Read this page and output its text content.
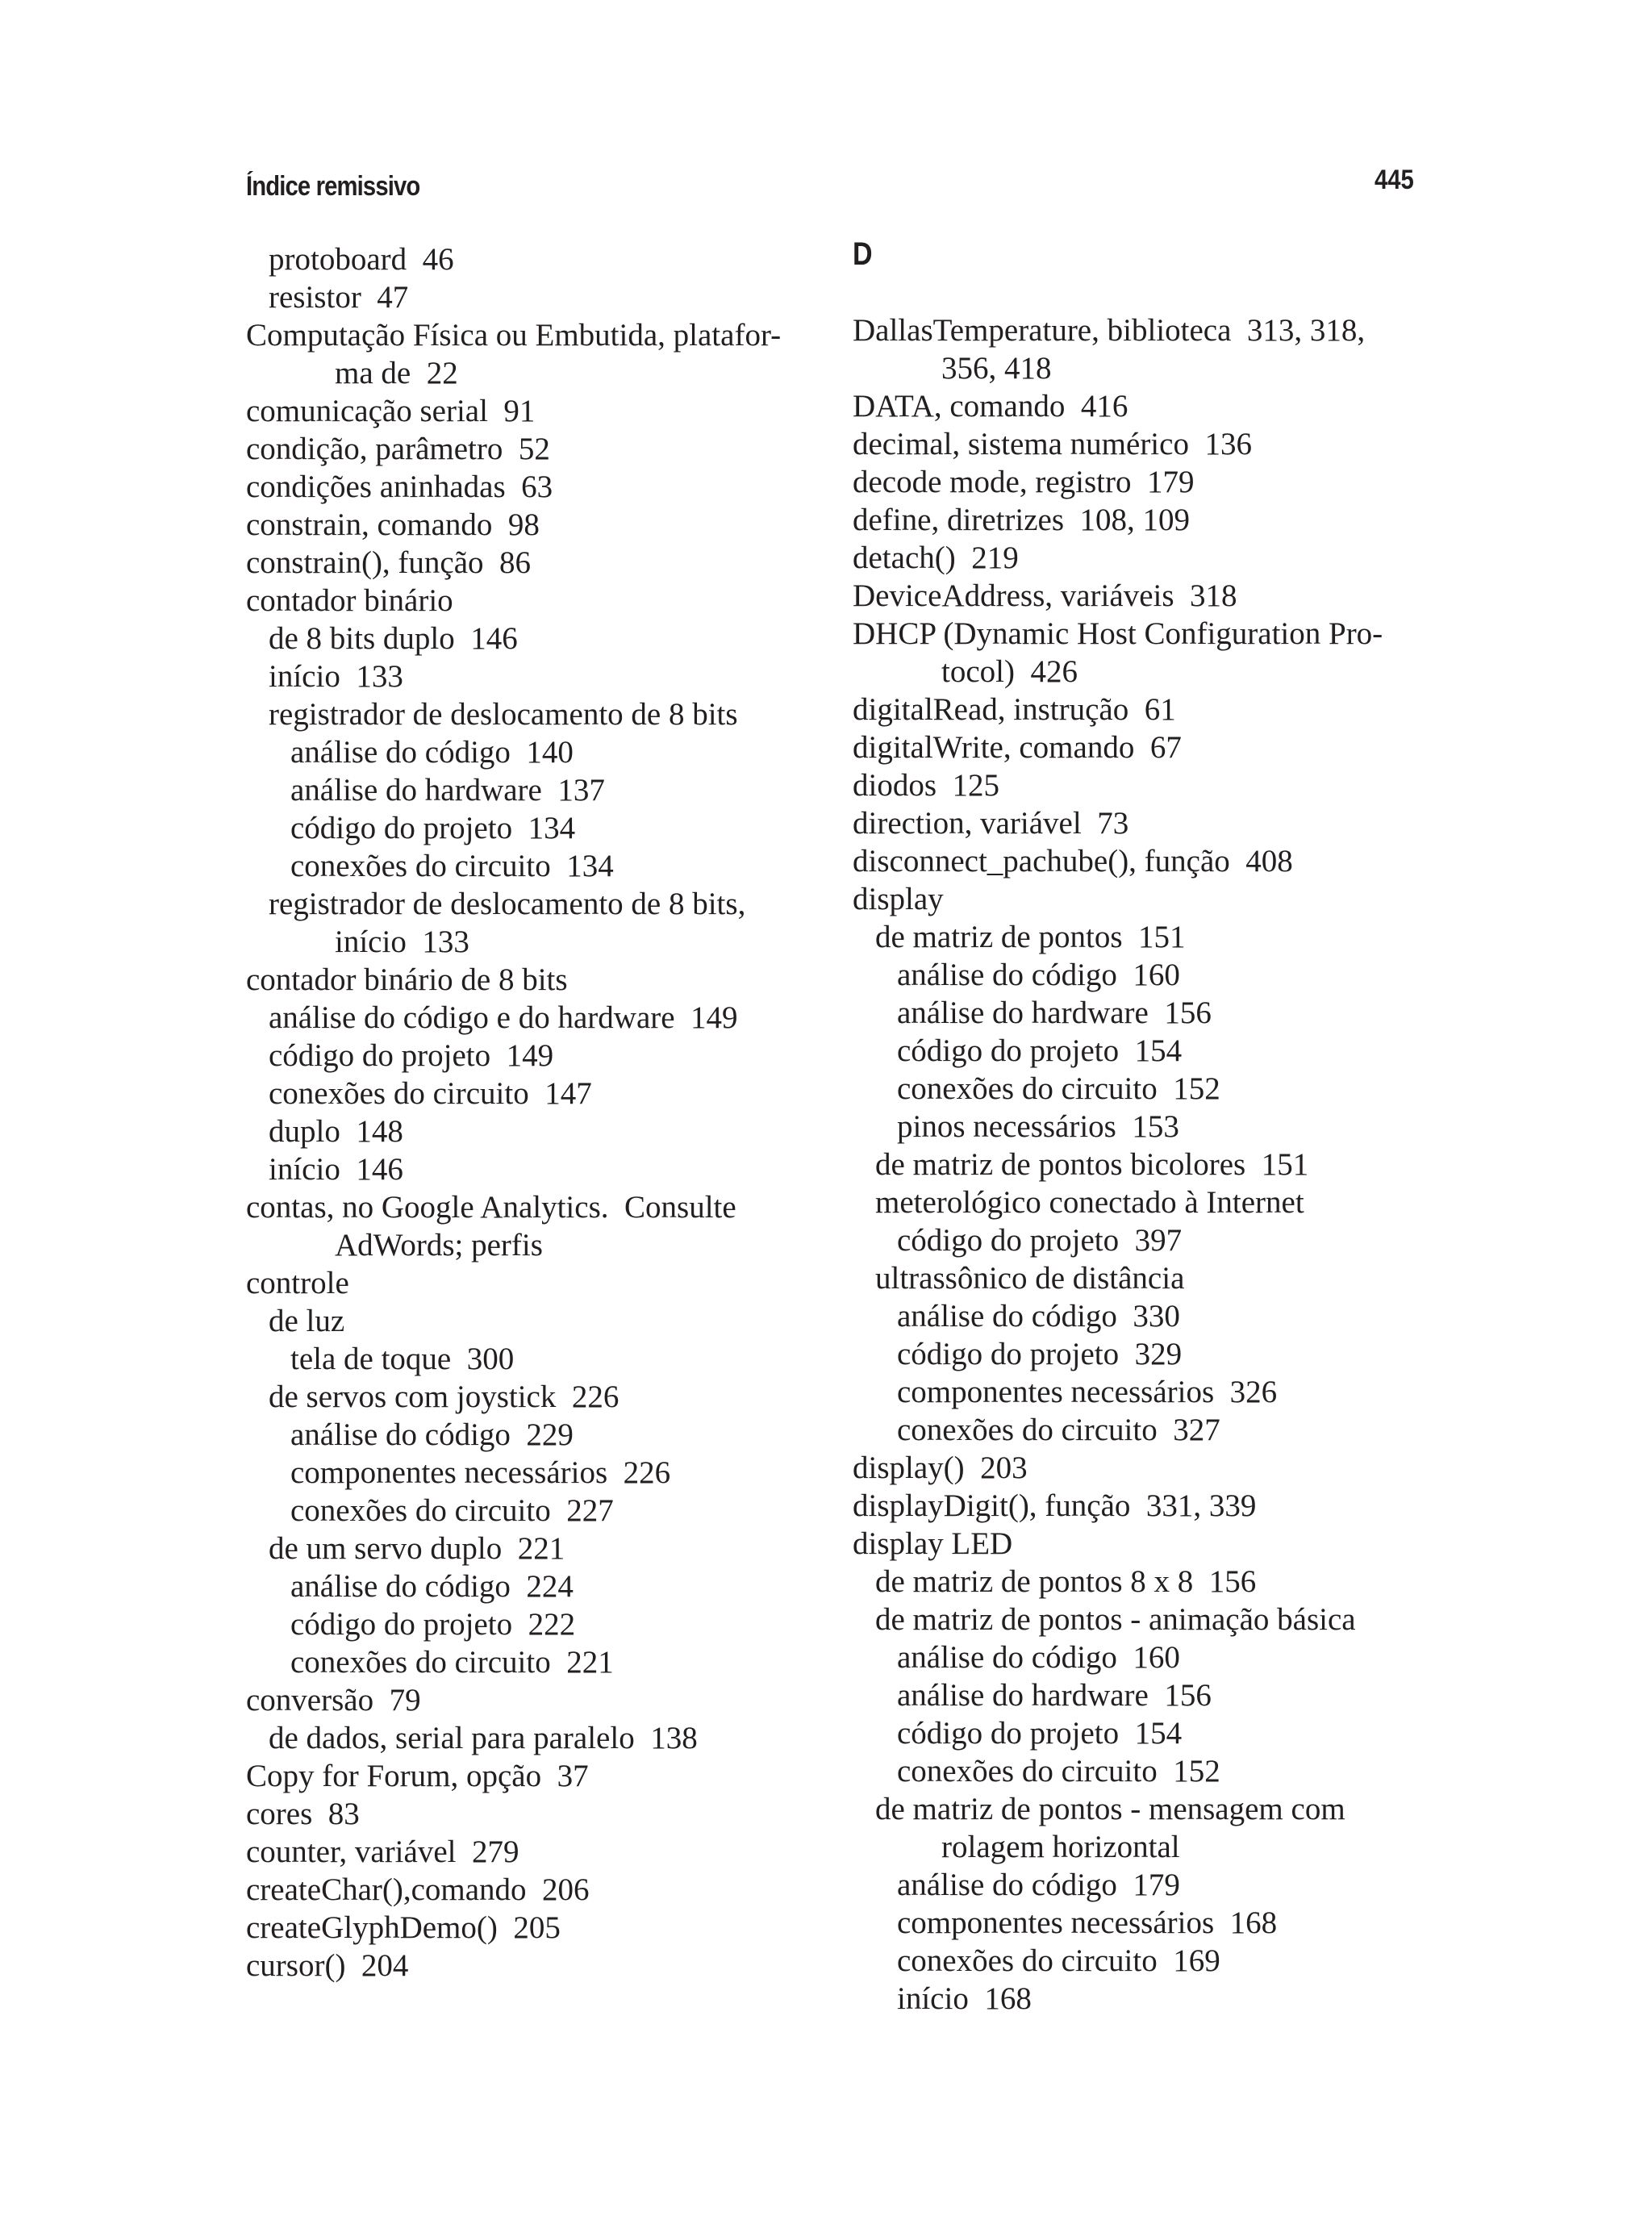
Índice remissivo	445
protoboard  46
resistor  47
Computação Física ou Embutida, platafor-
ma de  22
comunicação serial  91
condição, parâmetro  52
condições aninhadas  63
constrain, comando  98
constrain(), função  86
contador binário
de 8 bits duplo  146
início  133
registrador de deslocamento de 8 bits
análise do código  140
análise do hardware  137
código do projeto  134
conexões do circuito  134
registrador de deslocamento de 8 bits,
início  133
contador binário de 8 bits
análise do código e do hardware  149
código do projeto  149
conexões do circuito  147
duplo  148
início  146
contas, no Google Analytics.  Consulte
AdWords; perfis
controle
de luz
tela de toque  300
de servos com joystick  226
análise do código  229
componentes necessários  226
conexões do circuito  227
de um servo duplo  221
análise do código  224
código do projeto  222
conexões do circuito  221
conversão  79
de dados, serial para paralelo  138
Copy for Forum, opção  37
cores  83
counter, variável  279
createChar(),comando  206
createGlyphDemo()  205
cursor()  204
D
DallasTemperature, biblioteca  313, 318,
356, 418
DATA, comando  416
decimal, sistema numérico  136
decode mode, registro  179
define, diretrizes  108, 109
detach()  219
DeviceAddress, variáveis  318
DHCP (Dynamic Host Configuration Pro-
tocol)  426
digitalRead, instrução  61
digitalWrite, comando  67
diodos  125
direction, variável  73
disconnect_pachube(), função  408
display
de matriz de pontos  151
análise do código  160
análise do hardware  156
código do projeto  154
conexões do circuito  152
pinos necessários  153
de matriz de pontos bicolores  151
meterológico conectado à Internet
código do projeto  397
ultrassônico de distância
análise do código  330
código do projeto  329
componentes necessários  326
conexões do circuito  327
display()  203
displayDigit(), função  331, 339
display LED
de matriz de pontos 8 x 8  156
de matriz de pontos - animação básica
análise do código  160
análise do hardware  156
código do projeto  154
conexões do circuito  152
de matriz de pontos - mensagem com
rolagem horizontal
análise do código  179
componentes necessários  168
conexões do circuito  169
início  168
